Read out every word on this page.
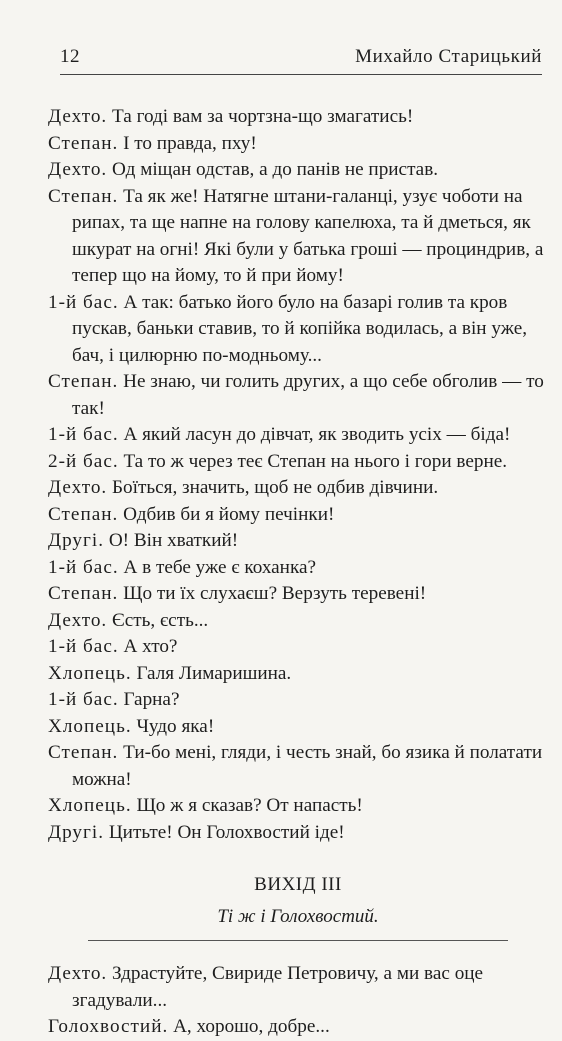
12	Михайло Старицький

Дехто. Та годі вам за чортзна-що змагатись!

Степан. І то правда, пху!

Дехто. Од міщан одстав, а до панів не пристав.

Степан. Та як же! Натягне штани-галанці, узує чоботи на рипах, та ще напне на голову капелюха, та й дметься, як шкурат на огні! Які були у батька гроші — проциндрив, а тепер що на йому, то й при йому!

1-й бас. А так: батько його було на базарі голив та кров пускав, баньки ставив, то й копійка водилась, а він уже, бач, і цилюрню по-модньому...

Степан. Не знаю, чи голить других, а що себе обголив — то так!

1-й бас. А який ласун до дівчат, як зводить усіх — біда!

2-й бас. Та то ж через теє Степан на нього і гори верне.

Дехто. Боїться, значить, щоб не одбив дівчини.

Степан. Одбив би я йому печінки!

Другі. О! Він хваткий!

1-й бас. А в тебе уже є коханка?

Степан. Що ти їх слухаєш? Верзуть теревені!

Дехто. Єсть, єсть...

1-й бас. А хто?

Хлопець. Галя Лимаришина.

1-й бас. Гарна?

Хлопець. Чудо яка!

Степан. Ти-бо мені, гляди, і честь знай, бо язика й полатати можна!

Хлопець. Що ж я сказав? От напасть!

Другі. Цитьте! Он Голохвостий іде!

ВИХІД III
Ті ж і Голохвостий.

Дехто. Здрастуйте, Свириде Петровичу, а ми вас оце згадували...

Голохвостий. А, хорошо, добре...
